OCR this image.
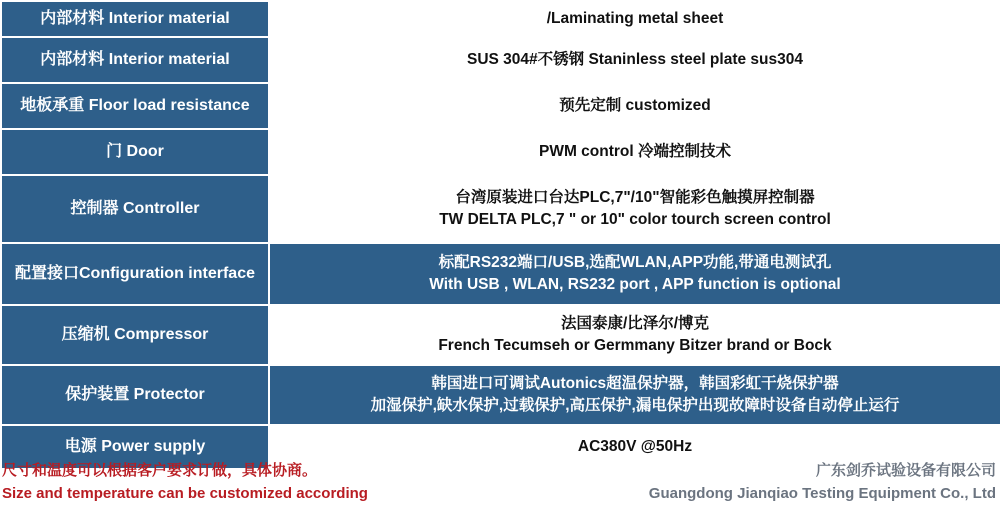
内部材料 Interior material	/Laminating metal sheet

内部材料 Interior material	SUS 304#不锈钢 Staninless steel plate sus304

地板承重 Floor load resistance	预先定制 customized

门 Door	PWM control 冷端控制技术

控制器 Controller	台湾原装进口台达PLC,7"/10"智能彩色触摸屏控制器
TW DELTA PLC,7 " or 10" color tourch screen control

配置接口Configuration interface	标配RS232端口/USB,选配WLAN,APP功能,带通电测试孔
With USB , WLAN, RS232 port , APP function is optional

压缩机 Compressor	法国泰康/比泽尔/博克
French Tecumseh or Germmany Bitzer brand or Bock

保护装置 Protector	韩国进口可调试Autonics超温保护器，韩国彩虹干烧保护器
加湿保护,缺水保护,过载保护,高压保护,漏电保护出现故障时设备自动停止运行

电源 Power supply	AC380V @50Hz
尺寸和温度可以根据客户要求订做，具体协商。
Size and temperature can be customized according
广东剑乔试验设备有限公司
Guangdong Jianqiao Testing Equipment Co., Ltd
